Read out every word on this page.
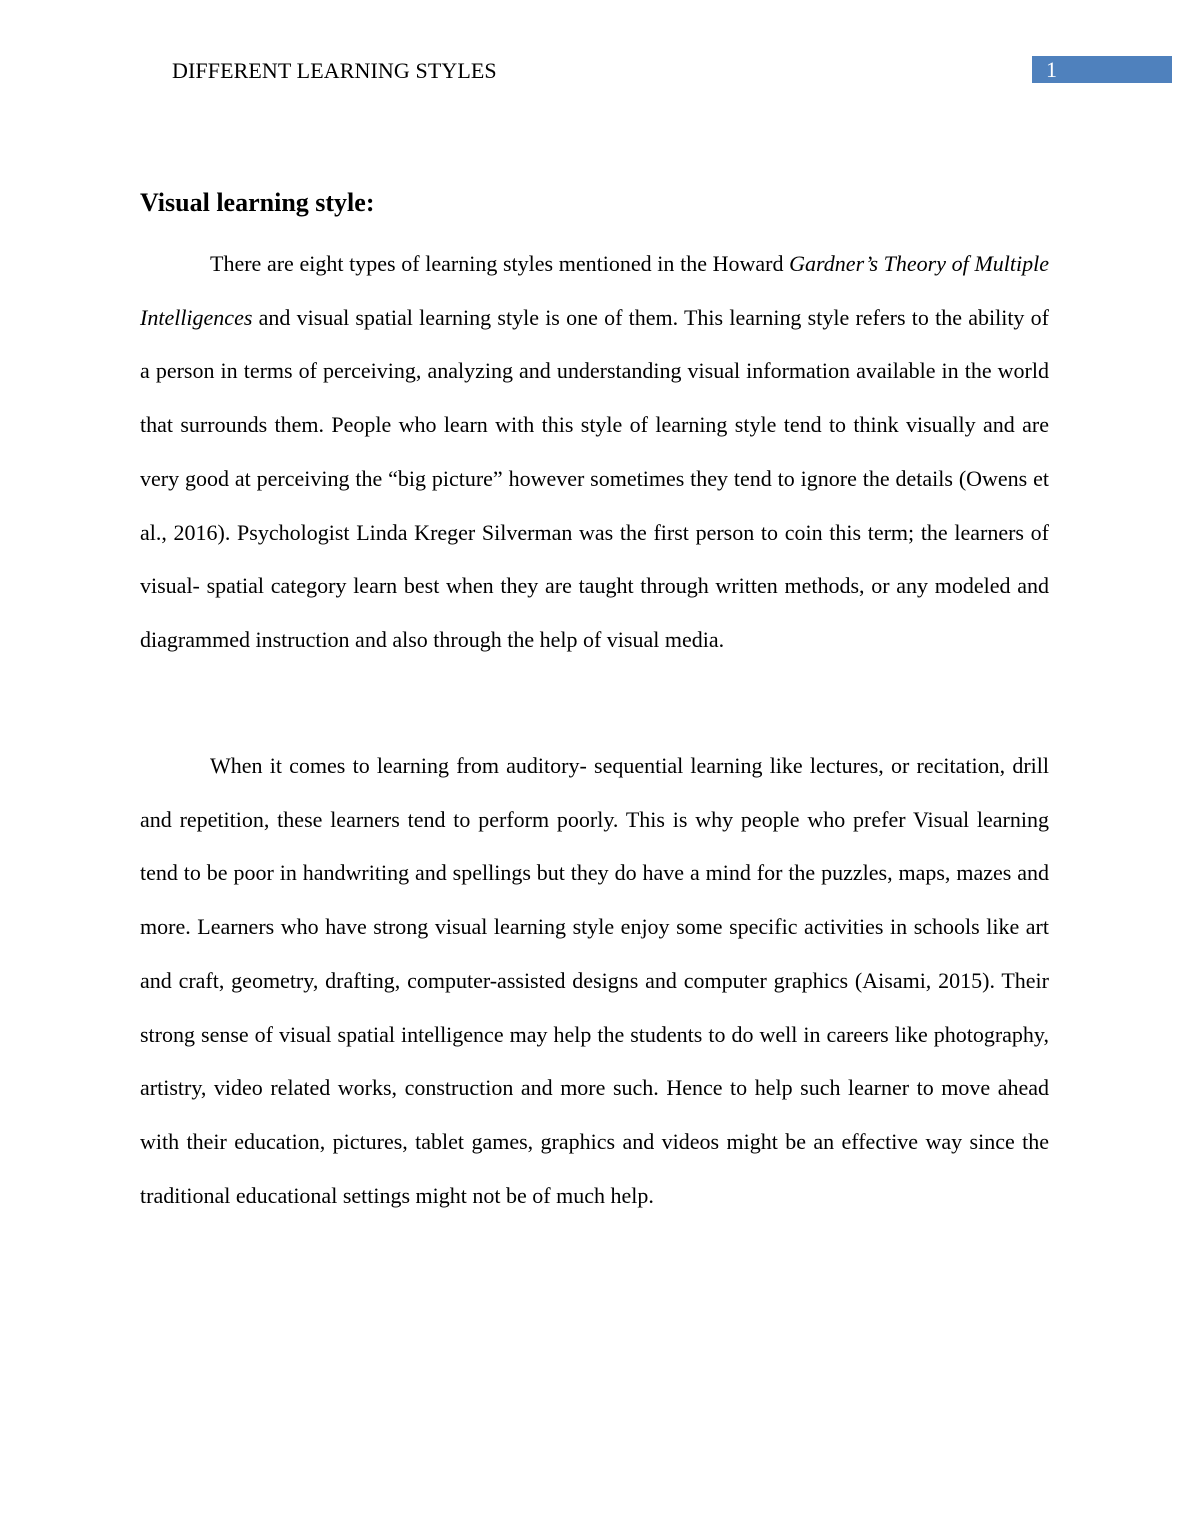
DIFFERENT LEARNING STYLES	1
Visual learning style:

There are eight types of learning styles mentioned in the Howard Gardner’s Theory of Multiple Intelligences and visual spatial learning style is one of them. This learning style refers to the ability of a person in terms of perceiving, analyzing and understanding visual information available in the world that surrounds them. People who learn with this style of learning style tend to think visually and are very good at perceiving the “big picture” however sometimes they tend to ignore the details (Owens et al., 2016). Psychologist Linda Kreger Silverman was the first person to coin this term; the learners of visual- spatial category learn best when they are taught through written methods, or any modeled and diagrammed instruction and also through the help of visual media.

When it comes to learning from auditory- sequential learning like lectures, or recitation, drill and repetition, these learners tend to perform poorly. This is why people who prefer Visual learning tend to be poor in handwriting and spellings but they do have a mind for the puzzles, maps, mazes and more. Learners who have strong visual learning style enjoy some specific activities in schools like art and craft, geometry, drafting, computer-assisted designs and computer graphics (Aisami, 2015). Their strong sense of visual spatial intelligence may help the students to do well in careers like photography, artistry, video related works, construction and more such. Hence to help such learner to move ahead with their education, pictures, tablet games, graphics and videos might be an effective way since the traditional educational settings might not be of much help.
